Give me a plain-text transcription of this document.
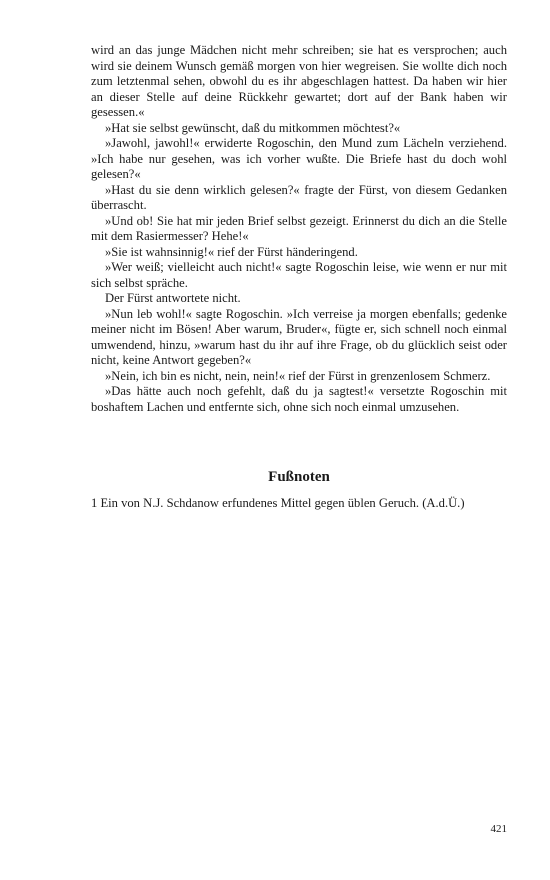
wird an das junge Mädchen nicht mehr schreiben; sie hat es versprochen; auch wird sie deinem Wunsch gemäß morgen von hier wegreisen. Sie wollte dich noch zum letztenmal sehen, obwohl du es ihr abgeschlagen hattest. Da haben wir hier an dieser Stelle auf deine Rückkehr gewartet; dort auf der Bank haben wir gesessen.«

»Hat sie selbst gewünscht, daß du mitkommen möchtest?«

»Jawohl, jawohl!« erwiderte Rogoschin, den Mund zum Lächeln verziehend. »Ich habe nur gesehen, was ich vorher wußte. Die Briefe hast du doch wohl gelesen?«

»Hast du sie denn wirklich gelesen?« fragte der Fürst, von diesem Gedanken überrascht.

»Und ob! Sie hat mir jeden Brief selbst gezeigt. Erinnerst du dich an die Stelle mit dem Rasiermesser? Hehe!«

»Sie ist wahnsinnig!« rief der Fürst händeringend.

»Wer weiß; vielleicht auch nicht!« sagte Rogoschin leise, wie wenn er nur mit sich selbst spräche.

Der Fürst antwortete nicht.

»Nun leb wohl!« sagte Rogoschin. »Ich verreise ja morgen ebenfalls; gedenke meiner nicht im Bösen! Aber warum, Bruder«, fügte er, sich schnell noch einmal umwendend, hinzu, »warum hast du ihr auf ihre Frage, ob du glücklich seist oder nicht, keine Antwort gegeben?«

»Nein, ich bin es nicht, nein, nein!« rief der Fürst in grenzenlosem Schmerz.

»Das hätte auch noch gefehlt, daß du ja sagtest!« versetzte Rogoschin mit boshaftem Lachen und entfernte sich, ohne sich noch einmal umzusehen.

Fußnoten
1 Ein von N.J. Schdanow erfundenes Mittel gegen üblen Geruch. (A.d.Ü.)
421
